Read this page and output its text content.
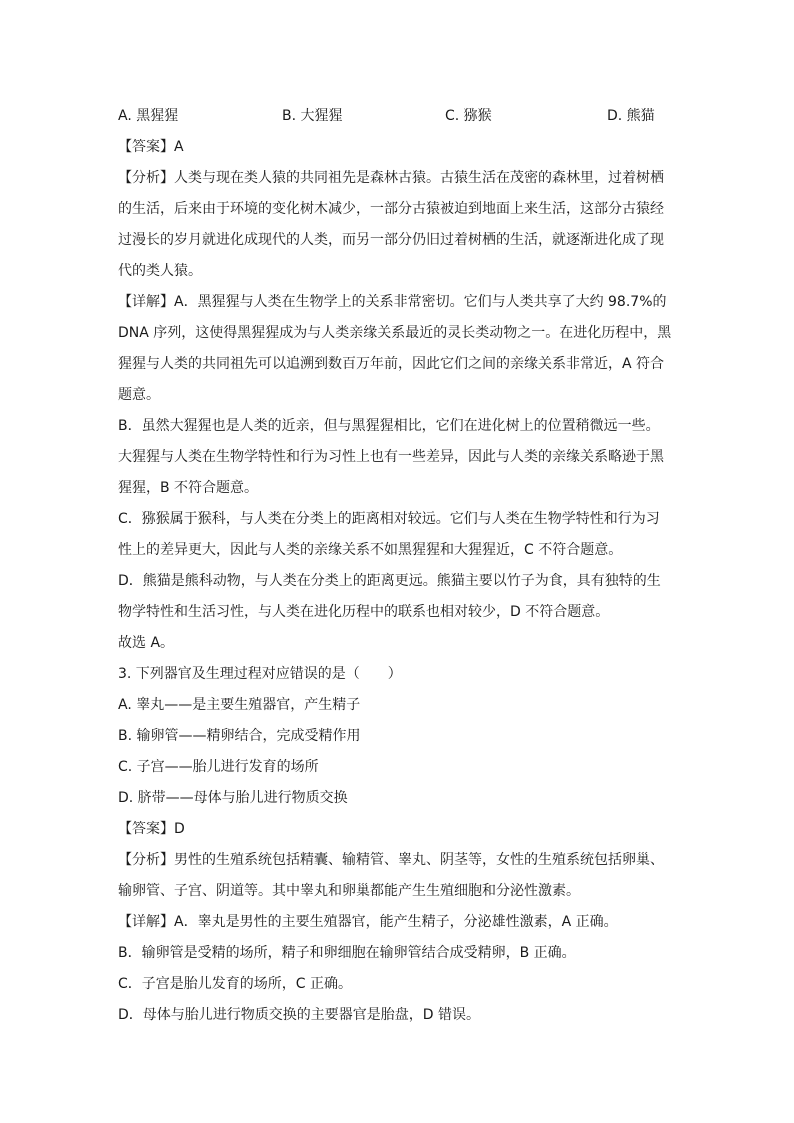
A. 黑猩猩	B. 大猩猩	C. 猕猴	D. 熊猫

【答案】A

【分析】人类与现在类人猿的共同祖先是森林古猿。古猿生活在茂密的森林里，过着树栖

的生活，后来由于环境的变化树木减少，一部分古猿被迫到地面上来生活，这部分古猿经

过漫长的岁月就进化成现代的人类，而另一部分仍旧过着树栖的生活，就逐渐进化成了现

代的类人猿。

【详解】A．黑猩猩与人类在生物学上的关系非常密切。它们与人类共享了大约 98.7%的

DNA 序列，这使得黑猩猩成为与人类亲缘关系最近的灵长类动物之一。在进化历程中，黑

猩猩与人类的共同祖先可以追溯到数百万年前，因此它们之间的亲缘关系非常近，A 符合

题意。

B．虽然大猩猩也是人类的近亲，但与黑猩猩相比，它们在进化树上的位置稍微远一些。

大猩猩与人类在生物学特性和行为习性上也有一些差异，因此与人类的亲缘关系略逊于黑

猩猩，B 不符合题意。

C．猕猴属于猴科，与人类在分类上的距离相对较远。它们与人类在生物学特性和行为习

性上的差异更大，因此与人类的亲缘关系不如黑猩猩和大猩猩近，C 不符合题意。

D．熊猫是熊科动物，与人类在分类上的距离更远。熊猫主要以竹子为食，具有独特的生

物学特性和生活习性，与人类在进化历程中的联系也相对较少，D 不符合题意。

故选 A。

3. 下列器官及生理过程对应错误的是（　　）

A. 睾丸——是主要生殖器官，产生精子

B. 输卵管——精卵结合，完成受精作用

C. 子宫——胎儿进行发育的场所

D. 脐带——母体与胎儿进行物质交换

【答案】D

【分析】男性的生殖系统包括精囊、输精管、睾丸、阴茎等，女性的生殖系统包括卵巢、

输卵管、子宫、阴道等。其中睾丸和卵巢都能产生生殖细胞和分泌性激素。

【详解】A．睾丸是男性的主要生殖器官，能产生精子，分泌雄性激素，A 正确。

B．输卵管是受精的场所，精子和卵细胞在输卵管结合成受精卵，B 正确。

C．子宫是胎儿发育的场所，C 正确。

D．母体与胎儿进行物质交换的主要器官是胎盘，D 错误。
